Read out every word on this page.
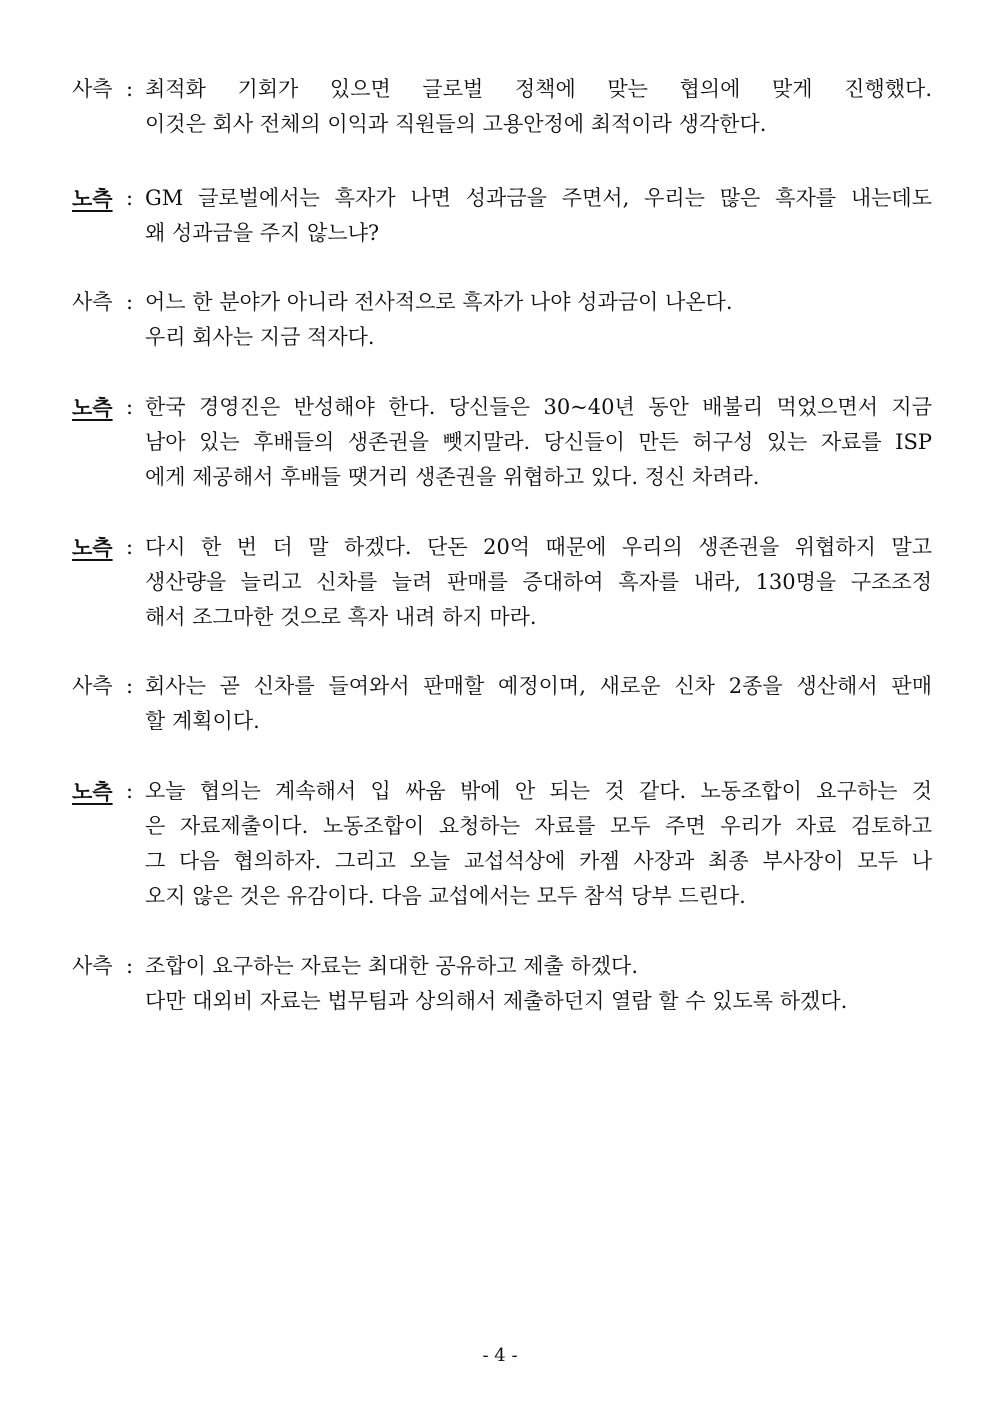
사측 : 최적화 기회가 있으면 글로벌 정책에 맞는 협의에 맞게 진행했다.
이것은 회사 전체의 이익과 직원들의 고용안정에 최적이라 생각한다.
노측 : GM 글로벌에서는 흑자가 나면 성과금을 주면서, 우리는 많은 흑자를 내는데도
왜 성과금을 주지 않느냐?
사측 : 어느 한 분야가 아니라 전사적으로 흑자가 나야 성과금이 나온다.
우리 회사는 지금 적자다.
노측 : 한국 경영진은 반성해야 한다. 당신들은 30~40년 동안 배불리 먹었으면서 지금
남아 있는 후배들의 생존권을 뺏지말라. 당신들이 만든 허구성 있는 자료를 ISP
에게 제공해서 후배들 땟거리 생존권을 위협하고 있다. 정신 차려라.
노측 : 다시 한 번 더 말 하겠다. 단돈 20억 때문에 우리의 생존권을 위협하지 말고
생산량을 늘리고 신차를 늘려 판매를 증대하여 흑자를 내라, 130명을 구조조정
해서 조그마한 것으로 흑자 내려 하지 마라.
사측 : 회사는 곧 신차를 들여와서 판매할 예정이며, 새로운 신차 2종을 생산해서 판매
할 계획이다.
노측 : 오늘 협의는 계속해서 입 싸움 밖에 안 되는 것 같다. 노동조합이 요구하는 것
은 자료제출이다. 노동조합이 요청하는 자료를 모두 주면 우리가 자료 검토하고
그 다음 협의하자. 그리고 오늘 교섭석상에 카젬 사장과 최종 부사장이 모두 나
오지 않은 것은 유감이다. 다음 교섭에서는 모두 참석 당부 드린다.
사측 : 조합이 요구하는 자료는 최대한 공유하고 제출 하겠다.
다만 대외비 자료는 법무팀과 상의해서 제출하던지 열람 할 수 있도록 하겠다.
- 4 -
